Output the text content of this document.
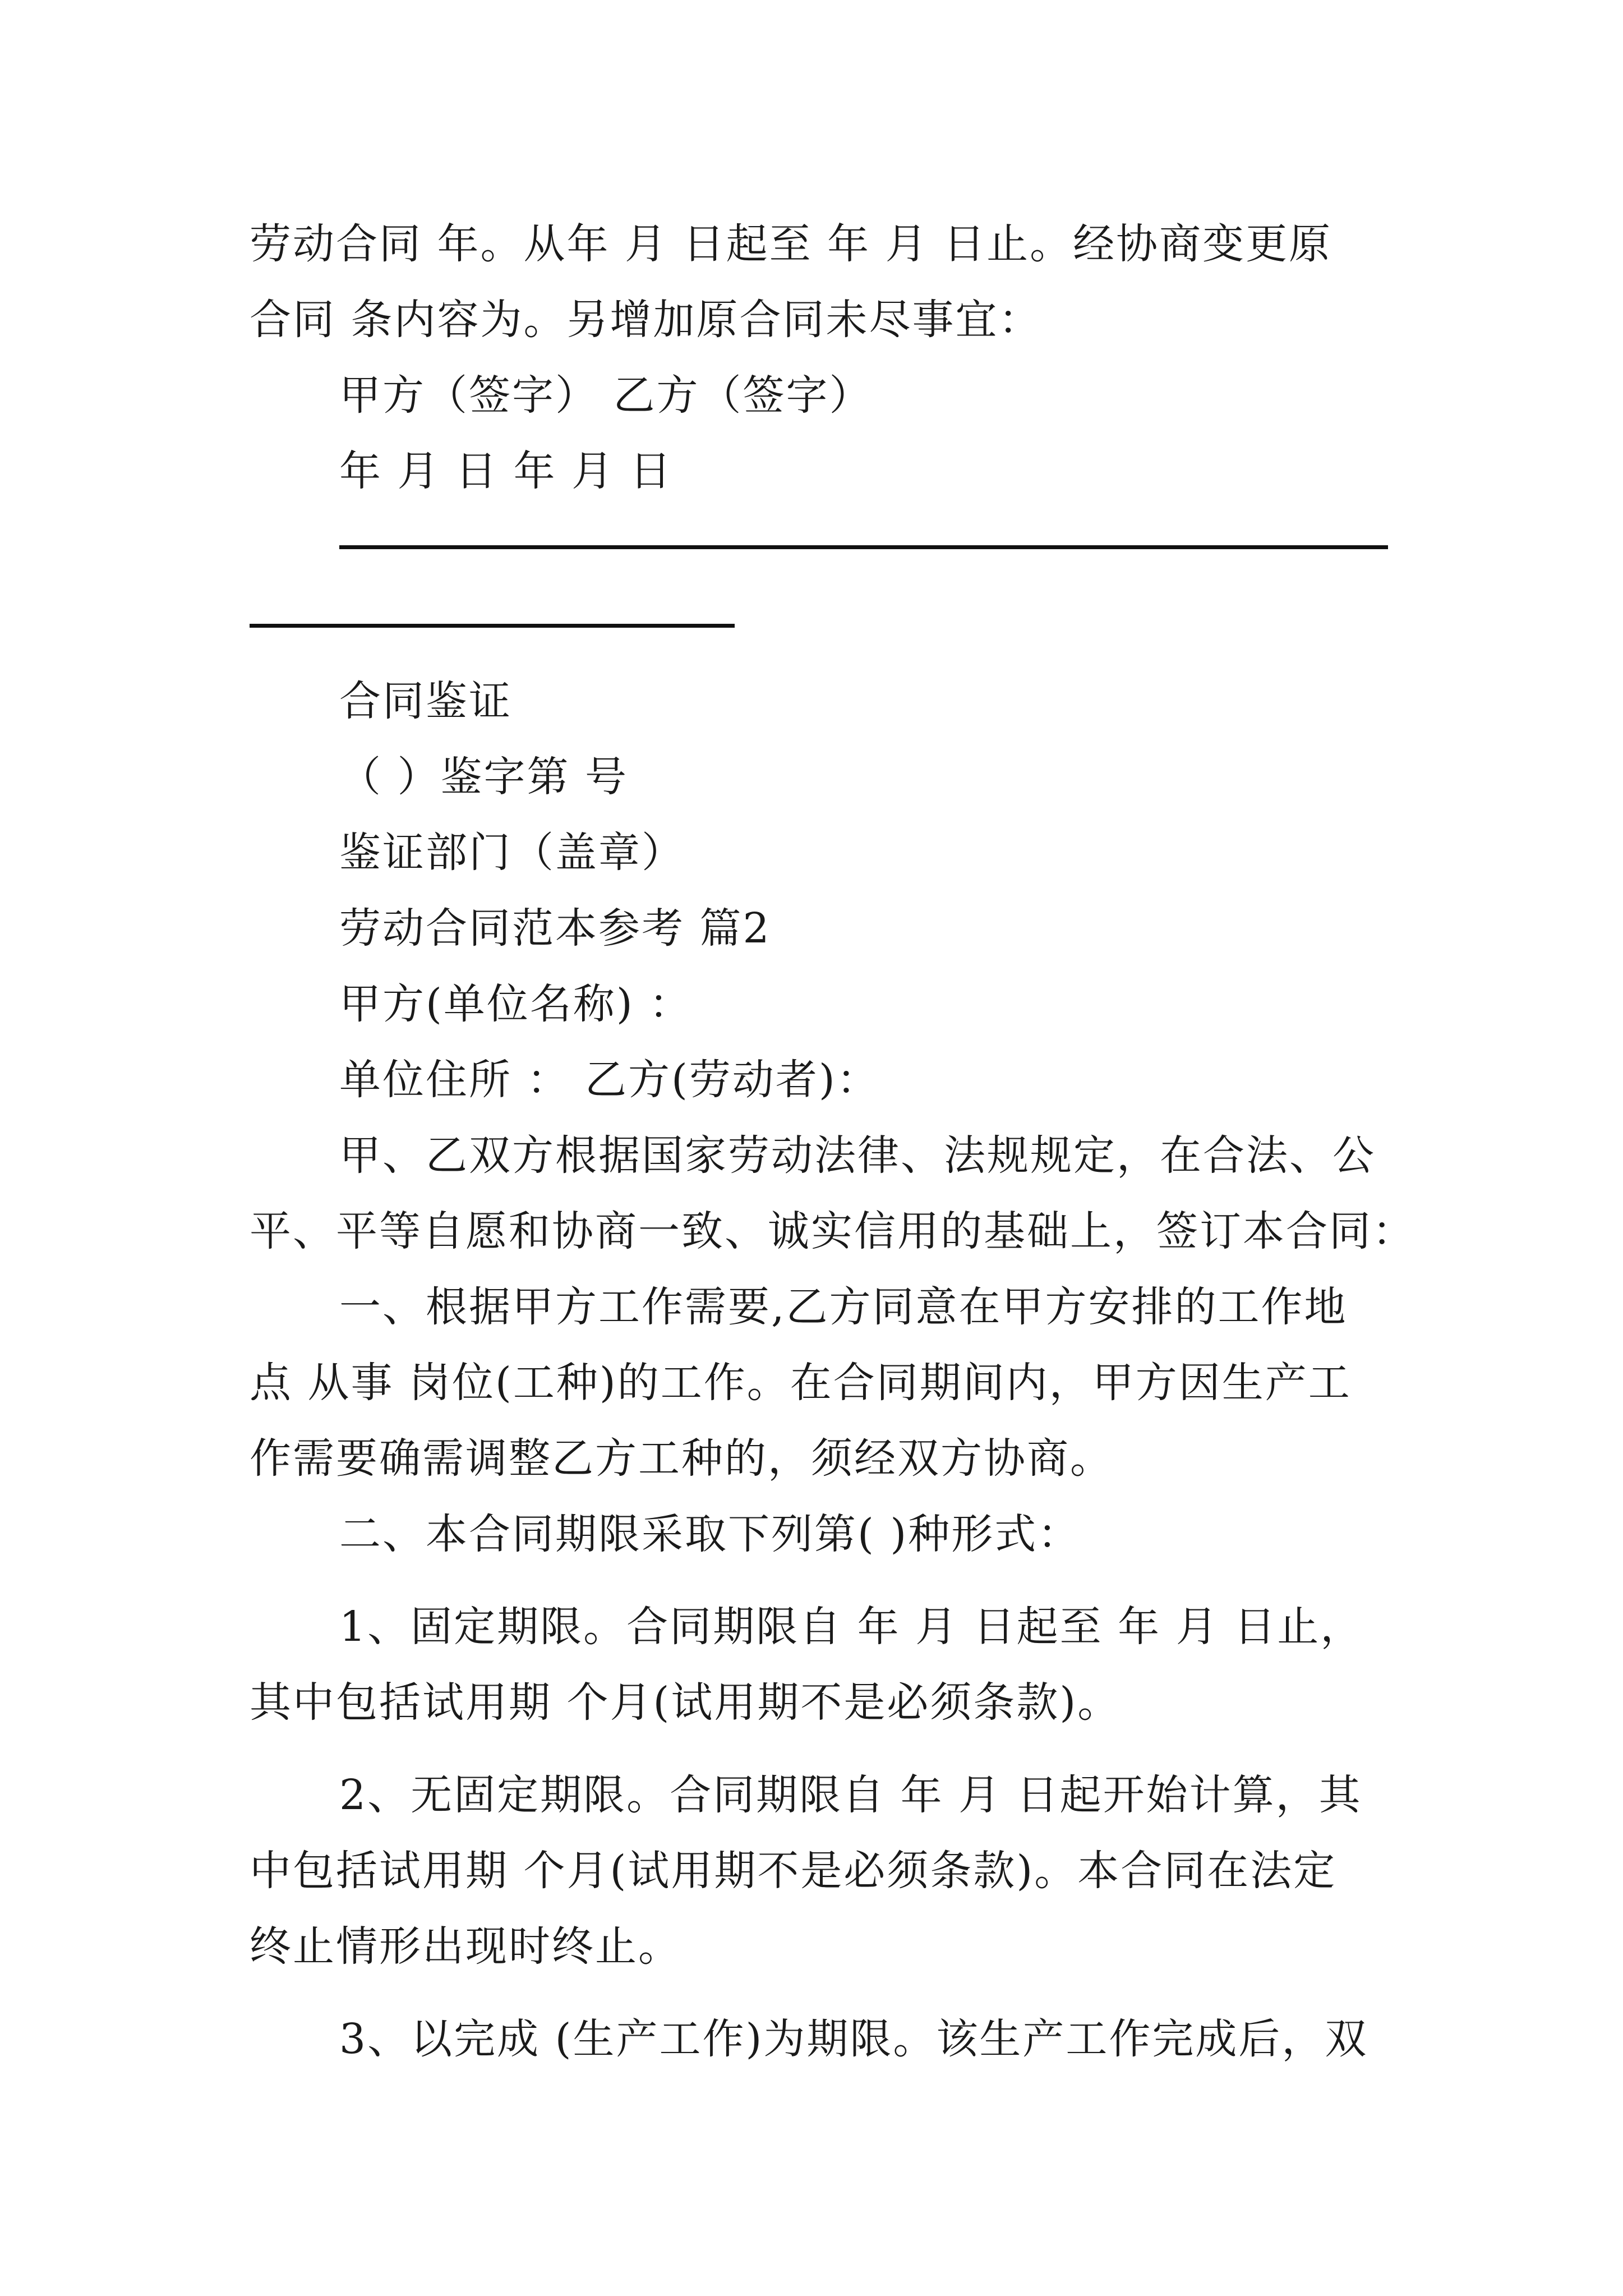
劳动合同 年。从年 月 日起至 年 月 日止。经协商变更原
合同 条内容为。另增加原合同未尽事宜：
甲方（签字） 乙方（签字）
年 月 日 年 月 日
合同鉴证
（ ）鉴字第 号
鉴证部门（盖章）
劳动合同范本参考 篇2
甲方(单位名称) ：
单位住所 ： 乙方(劳动者)：
甲、乙双方根据国家劳动法律、法规规定，在合法、公
平、平等自愿和协商一致、诚实信用的基础上，签订本合同：
一、根据甲方工作需要,乙方同意在甲方安排的工作地
点 从事 岗位(工种)的工作。在合同期间内，甲方因生产工
作需要确需调整乙方工种的，须经双方协商。
二、本合同期限采取下列第( )种形式：
1、固定期限。合同期限自 年 月 日起至 年 月 日止，
其中包括试用期 个月(试用期不是必须条款)。
2、无固定期限。合同期限自 年 月 日起开始计算，其
中包括试用期 个月(试用期不是必须条款)。本合同在法定
终止情形出现时终止。
3、以完成 (生产工作)为期限。该生产工作完成后，双
